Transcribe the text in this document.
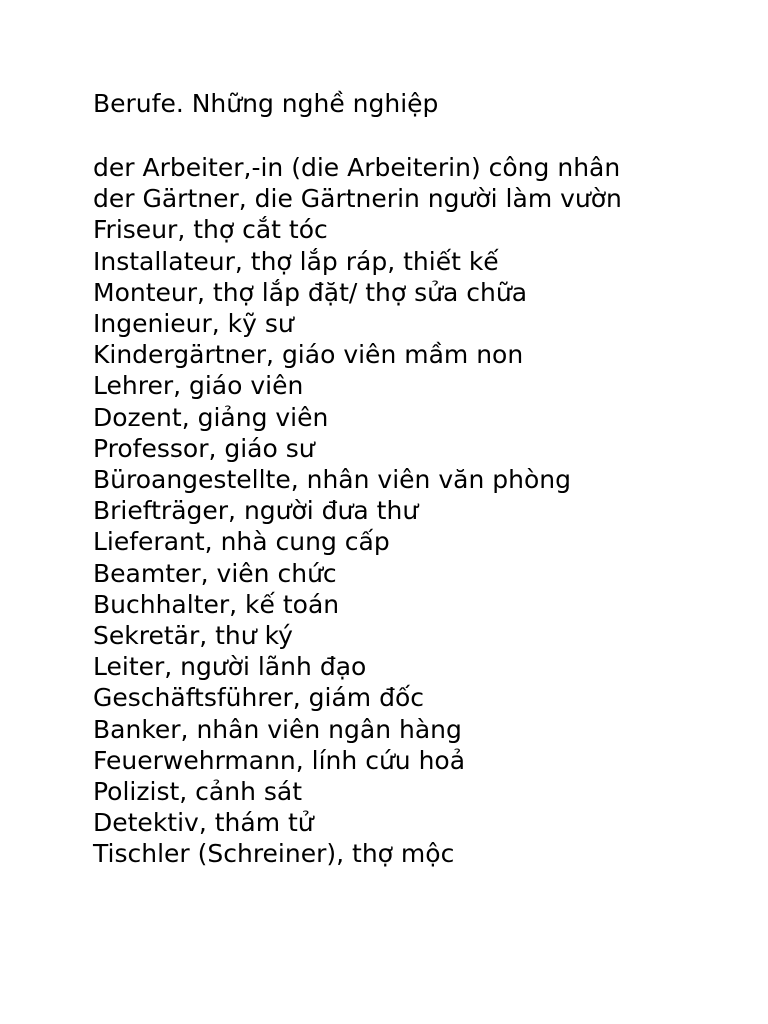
Berufe. Những nghề nghiệp
der Arbeiter,-in (die Arbeiterin) công nhân
der Gärtner, die Gärtnerin người làm vườn
Friseur, thợ cắt tóc
Installateur, thợ lắp ráp, thiết kế
Monteur, thợ lắp đặt/ thợ sửa chữa
Ingenieur, kỹ sư
Kindergärtner, giáo viên mầm non
Lehrer, giáo viên
Dozent, giảng viên
Professor, giáo sư
Büroangestellte, nhân viên văn phòng
Briefträger, người đưa thư
Lieferant, nhà cung cấp
Beamter, viên chức
Buchhalter, kế toán
Sekretär, thư ký
Leiter, người lãnh đạo
Geschäftsführer, giám đốc
Banker, nhân viên ngân hàng
Feuerwehrmann, lính cứu hoả
Polizist, cảnh sát
Detektiv, thám tử
Tischler (Schreiner), thợ mộc
